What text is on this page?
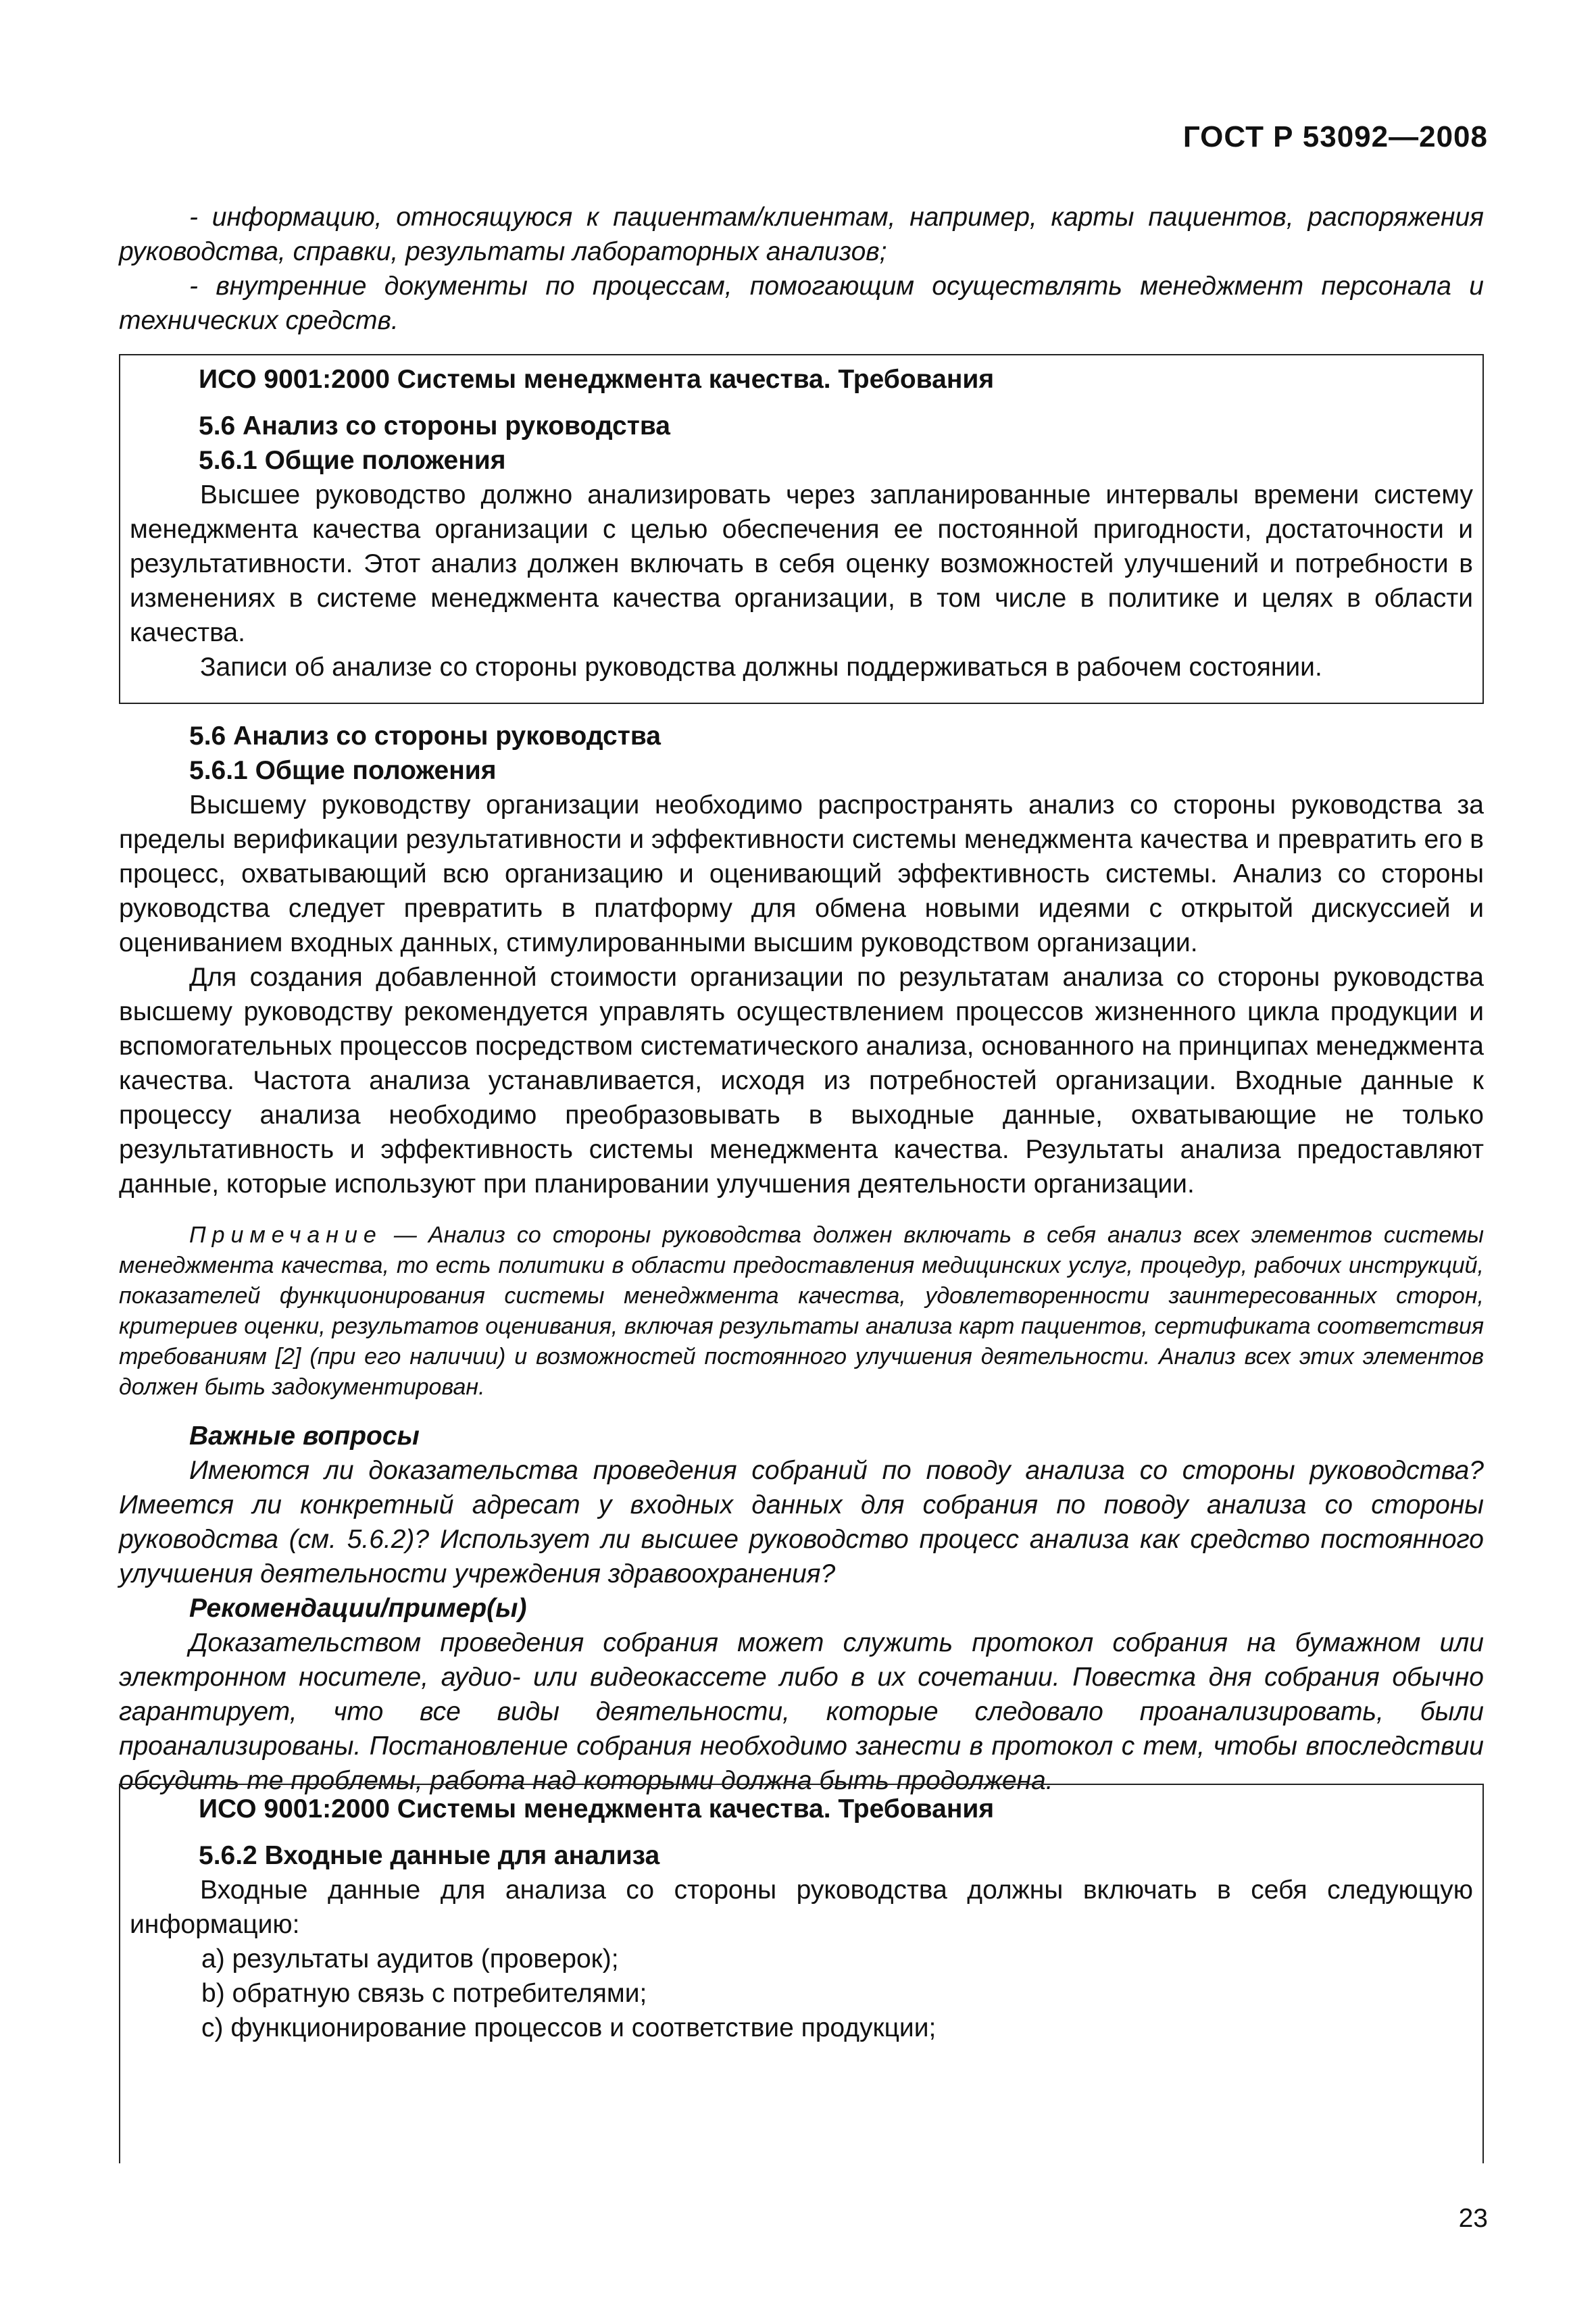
ГОСТ Р 53092—2008

- информацию, относящуюся к пациентам/клиентам, например, карты пациентов, распоряжения руководства, справки, результаты лабораторных анализов;

- внутренние документы по процессам, помогающим осуществлять менеджмент персонала и технических средств.

ИСО 9001:2000 Системы менеджмента качества. Требования

5.6 Анализ со стороны руководства

5.6.1 Общие положения

Высшее руководство должно анализировать через запланированные интервалы времени систему менеджмента качества организации с целью обеспечения ее постоянной пригодности, достаточности и результативности. Этот анализ должен включать в себя оценку возможностей улучшений и потребности в изменениях в системе менеджмента качества организации, в том числе в политике и целях в области качества.

Записи об анализе со стороны руководства должны поддерживаться в рабочем состоянии.

5.6 Анализ со стороны руководства

5.6.1 Общие положения

Высшему руководству организации необходимо распространять анализ со стороны руководства за пределы верификации результативности и эффективности системы менеджмента качества и превратить его в процесс, охватывающий всю организацию и оценивающий эффективность системы. Анализ со стороны руководства следует превратить в платформу для обмена новыми идеями с открытой дискуссией и оцениванием входных данных, стимулированными высшим руководством организации.

Для создания добавленной стоимости организации по результатам анализа со стороны руководства высшему руководству рекомендуется управлять осуществлением процессов жизненного цикла продукции и вспомогательных процессов посредством систематического анализа, основанного на принципах менеджмента качества. Частота анализа устанавливается, исходя из потребностей организации. Входные данные к процессу анализа необходимо преобразовывать в выходные данные, охватывающие не только результативность и эффективность системы менеджмента качества. Результаты анализа предоставляют данные, которые используют при планировании улучшения деятельности организации.

Примечание — Анализ со стороны руководства должен включать в себя анализ всех элементов системы менеджмента качества, то есть политики в области предоставления медицинских услуг, процедур, рабочих инструкций, показателей функционирования системы менеджмента качества, удовлетворенности заинтересованных сторон, критериев оценки, результатов оценивания, включая результаты анализа карт пациентов, сертификата соответствия требованиям [2] (при его наличии) и возможностей постоянного улучшения деятельности. Анализ всех этих элементов должен быть задокументирован.

Важные вопросы

Имеются ли доказательства проведения собраний по поводу анализа со стороны руководства? Имеется ли конкретный адресат у входных данных для собрания по поводу анализа со стороны руководства (см. 5.6.2)? Использует ли высшее руководство процесс анализа как средство постоянного улучшения деятельности учреждения здравоохранения?

Рекомендации/пример(ы)

Доказательством проведения собрания может служить протокол собрания на бумажном или электронном носителе, аудио- или видеокассете либо в их сочетании. Повестка дня собрания обычно гарантирует, что все виды деятельности, которые следовало проанализировать, были проанализированы. Постановление собрания необходимо занести в протокол с тем, чтобы впоследствии обсудить те проблемы, работа над которыми должна быть продолжена.

ИСО 9001:2000 Системы менеджмента качества. Требования

5.6.2 Входные данные для анализа

Входные данные для анализа со стороны руководства должны включать в себя следующую информацию:

а) результаты аудитов (проверок);

b) обратную связь с потребителями;

с) функционирование процессов и соответствие продукции;

23
